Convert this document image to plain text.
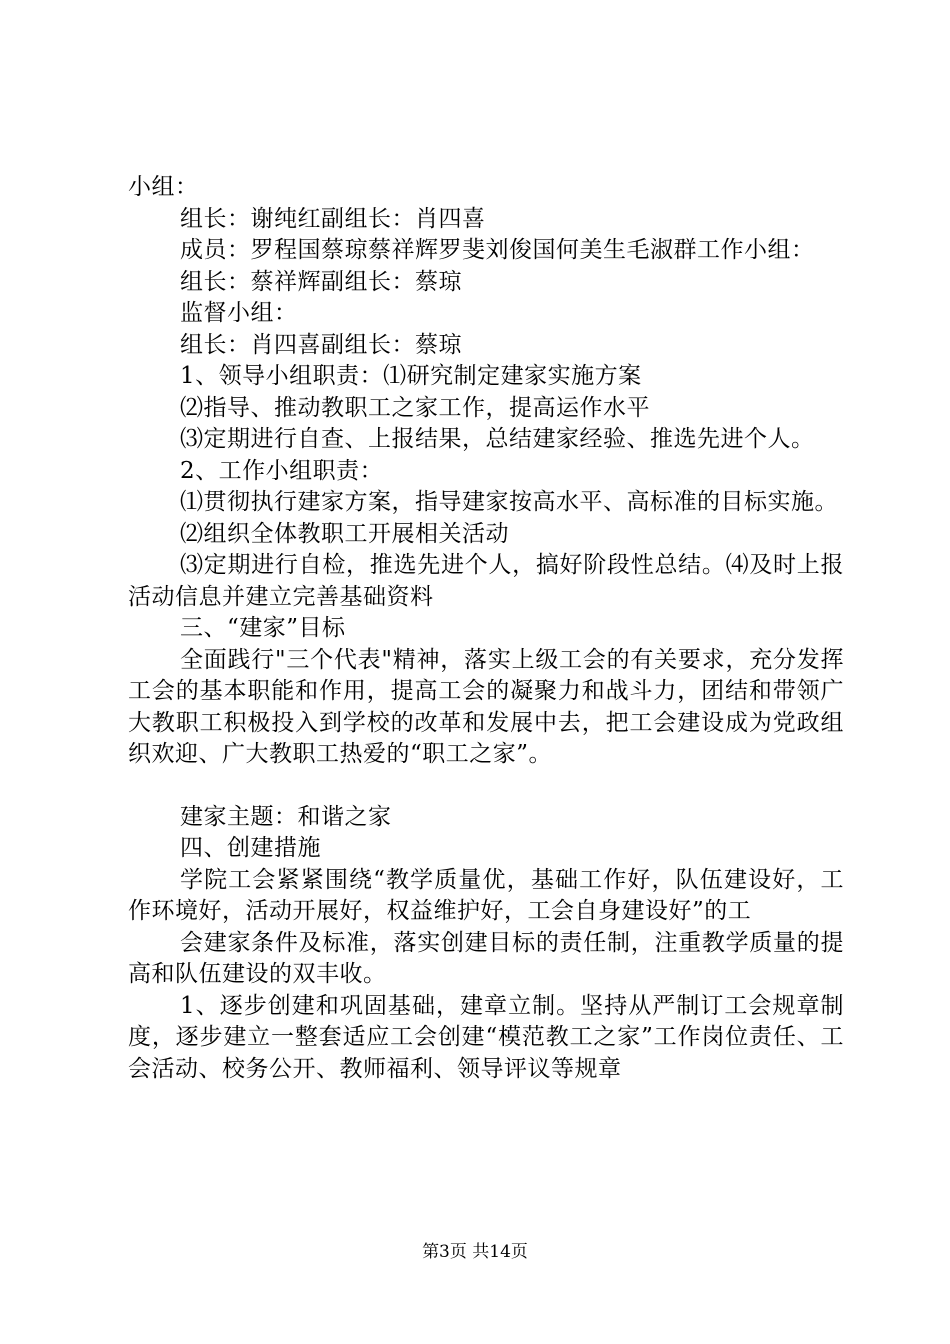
小组：

组长：谢纯红副组长：肖四喜

成员：罗程国蔡琼蔡祥辉罗斐刘俊国何美生毛淑群工作小组：

组长：蔡祥辉副组长：蔡琼

监督小组：

组长：肖四喜副组长：蔡琼

1、领导小组职责：⑴研究制定建家实施方案

⑵指导、推动教职工之家工作，提高运作水平

⑶定期进行自查、上报结果，总结建家经验、推选先进个人。

2、工作小组职责：

⑴贯彻执行建家方案，指导建家按高水平、高标准的目标实施。

⑵组织全体教职工开展相关活动

⑶定期进行自检，推选先进个人，搞好阶段性总结。⑷及时上报活动信息并建立完善基础资料

三、“建家”目标

全面践行"三个代表"精神，落实上级工会的有关要求，充分发挥工会的基本职能和作用，提高工会的凝聚力和战斗力，团结和带领广大教职工积极投入到学校的改革和发展中去，把工会建设成为党政组织欢迎、广大教职工热爱的“职工之家”。

建家主题：和谐之家

四、创建措施

学院工会紧紧围绕“教学质量优，基础工作好，队伍建设好，工作环境好，活动开展好，权益维护好，工会自身建设好”的工

会建家条件及标准，落实创建目标的责任制，注重教学质量的提高和队伍建设的双丰收。

1、逐步创建和巩固基础，建章立制。坚持从严制订工会规章制度，逐步建立一整套适应工会创建“模范教工之家”工作岗位责任、工会活动、校务公开、教师福利、领导评议等规章

第3页 共14页
